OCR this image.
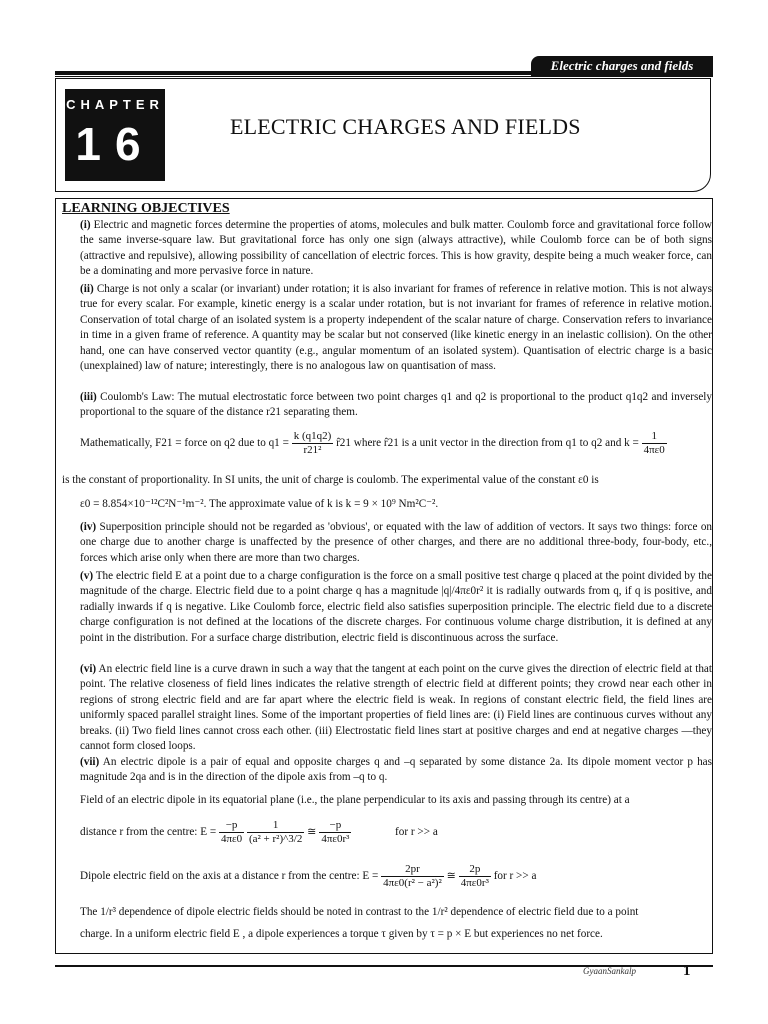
Electric charges and fields
CHAPTER
16	ELECTRIC CHARGES AND FIELDS
LEARNING OBJECTIVES

(i) Electric and magnetic forces determine the properties of atoms, molecules and bulk matter. Coulomb force and gravitational force follow the same inverse-square law. But gravitational force has only one sign (always attractive), while Coulomb force can be of both signs (attractive and repulsive), allowing possibility of cancellation of electric forces. This is how gravity, despite being a much weaker force, can be a dominating and more pervasive force in nature.

(ii) Charge is not only a scalar (or invariant) under rotation; it is also invariant for frames of reference in relative motion. This is not always true for every scalar. For example, kinetic energy is a scalar under rotation, but is not invariant for frames of reference in relative motion. Conservation of total charge of an isolated system is a property independent of the scalar nature of charge. Conservation refers to invariance in time in a given frame of reference. A quantity may be scalar but not conserved (like kinetic energy in an inelastic collision). On the other hand, one can have conserved vector quantity (e.g., angular momentum of an isolated system). Quantisation of electric charge is a basic (unexplained) law of nature; interestingly, there is no analogous law on quantisation of mass.

(iii) Coulomb's Law: The mutual electrostatic force between two point charges q1 and q2 is proportional to the product q1q2 and inversely proportional to the square of the distance r21 separating them.

Mathematically, F21 = force on q2 due to $q1 = \frac{k (q1q2)}{\text{r21²}}$ r̂21 where r̂21 is a unit vector in the direction from q1 to q2 and $k = \frac{1}{4\pi\varepsilon 0}$
is the constant of proportionality. In SI units, the unit of charge is coulomb. The experimental value of the constant ε0 is
ε0 = 8.854×10⁻¹²C²N⁻¹m⁻². The approximate value of k is k = 9 × 10⁹ Nm²C⁻².

(iv) Superposition principle should not be regarded as 'obvious', or equated with the law of addition of vectors. It says two things: force on one charge due to another charge is unaffected by the presence of other charges, and there are no additional three-body, four-body, etc., forces which arise only when there are more than two charges.

(v) The electric field E at a point due to a charge configuration is the force on a small positive test charge q placed at the point divided by the magnitude of the charge. Electric field due to a point charge q has a magnitude |q|/4πε0r² it is radially outwards from q, if q is positive, and radially inwards if q is negative. Like Coulomb force, electric field also satisfies superposition principle. The electric field due to a discrete charge configuration is not defined at the locations of the discrete charges. For continuous volume charge distribution, it is defined at any point in the distribution. For a surface charge distribution, electric field is discontinuous across the surface.

(vi) An electric field line is a curve drawn in such a way that the tangent at each point on the curve gives the direction of electric field at that point. The relative closeness of field lines indicates the relative strength of electric field at different points; they crowd near each other in regions of strong electric field and are far apart where the electric field is weak. In regions of constant electric field, the field lines are uniformly spaced parallel straight lines. Some of the important properties of field lines are: (i) Field lines are continuous curves without any breaks. (ii) Two field lines cannot cross each other. (iii) Electrostatic field lines start at positive charges and end at negative charges —they cannot form closed loops.

(vii) An electric dipole is a pair of equal and opposite charges q and –q separated by some distance 2a. Its dipole moment vector p has magnitude 2qa and is in the direction of the dipole axis from –q to q.

Field of an electric dipole in its equatorial plane (i.e., the plane perpendicular to its axis and passing through its centre) at a

distance r from the centre: $E = \frac{-p}{4\pi\varepsilon 0}$
$\frac{1}{\text{(a² + r²)\textasciicircum{}3/2}}$ ≅ $\frac{-p}{\text{4πε0r³}}$	for r >> a
Dipole electric field on the axis at a distance r from the centre: $E = \frac{2pr}{\text{4πε0(r² − a²)²}}$ ≅ $\frac{2p}{\text{4πε0r³}}$ for r >> a

The 1/r³ dependence of dipole electric fields should be noted in contrast to the 1/r² dependence of electric field due to a point

charge. In a uniform electric field E , a dipole experiences a torque τ given by τ = p × E but experiences no net force.

GyaanSankalp	1
